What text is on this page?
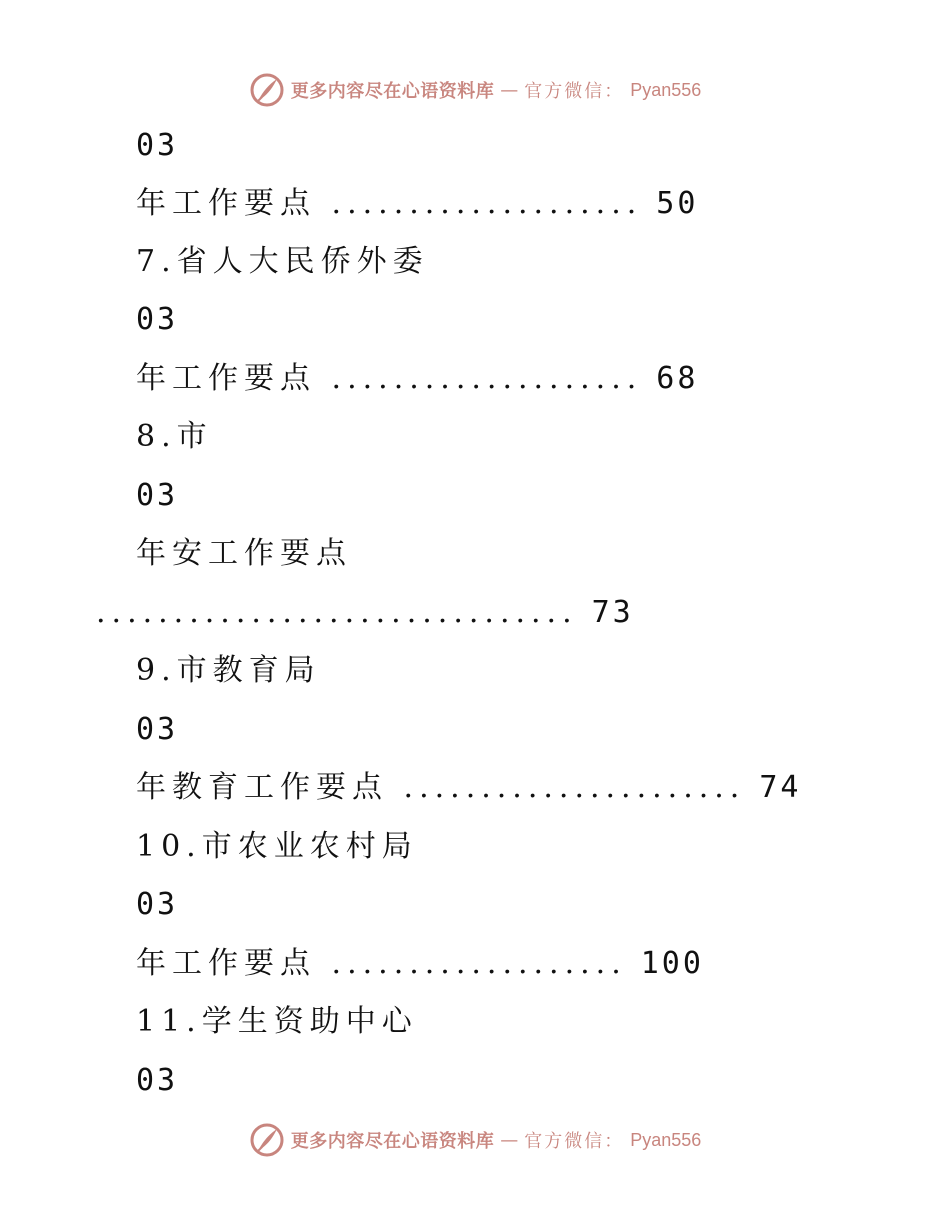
更多内容尽在心语资料库 — 官方微信： Pyan556
03
年工作要点 .................... 50
7.省人大民侨外委
03
年工作要点 .................... 68
8.市
03
年安工作要点
............................... 73
9.市教育局
03
年教育工作要点 ...................... 74
10.市农业农村局
03
年工作要点 ................... 100
11.学生资助中心
03
更多内容尽在心语资料库 — 官方微信： Pyan556
